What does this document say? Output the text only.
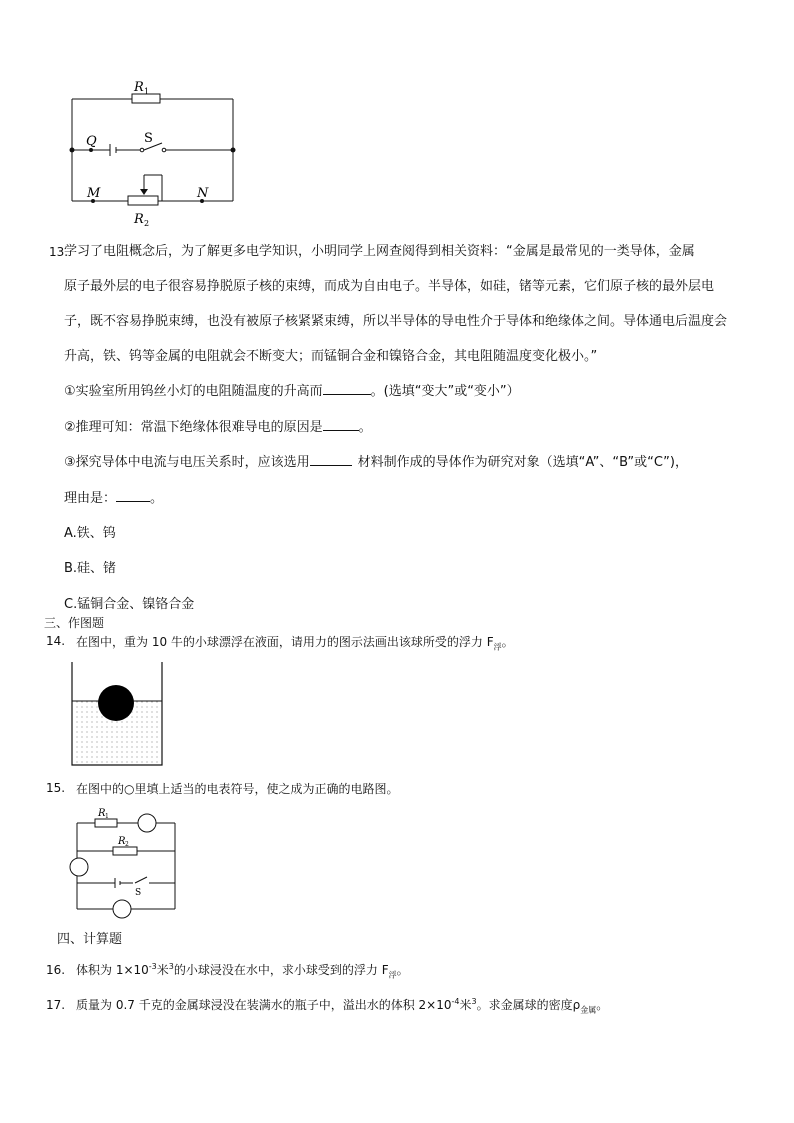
R 1
Q	S
M	N
R 2
13.
学习了电阻概念后，为了解更多电学知识，小明同学上网查阅得到相关资料：“金属是最常见的一类导体，金属
原子最外层的电子很容易挣脱原子核的束缚，而成为自由电子。半导体，如硅，锗等元素，它们原子核的最外层电
子，既不容易挣脱束缚，也没有被原子核紧紧束缚，所以半导体的导电性介于导体和绝缘体之间。导体通电后温度会
升高，铁、钨等金属的电阻就会不断变大；而锰铜合金和镍铬合金，其电阻随温度变化极小。”
①实验室所用钨丝小灯的电阻随温度的升高而	。(选填“变大”或“变小”）
②推理可知：常温下绝缘体很难导电的原因是	。
③探究导体中电流与电压关系时，应该选用	材料制作成的导体作为研究对象（选填“A”、“B”或“C”)，
理由是：	。
A.铁、钨
B.硅、锗
C.锰铜合金、镍铬合金
三、作图题
14. 在图中，重为 10 牛的小球漂浮在液面，请用力的图示法画出该球所受的浮力 $F_浮$。
15. 在图中的○里填上适当的电表符号，使之成为正确的电路图。
R 1
R 2
S
四、计算题
16. 体积为 $1\times 10^{-3}$米$^3$的小球浸没在水中，求小球受到的浮力 $F_浮$。
17. 质量为 0.7 千克的金属球浸没在装满水的瓶子中，溢出水的体积 $2\times 10^{-4}$米$^3$。求金属球的密度$\rho_{金属}$。
